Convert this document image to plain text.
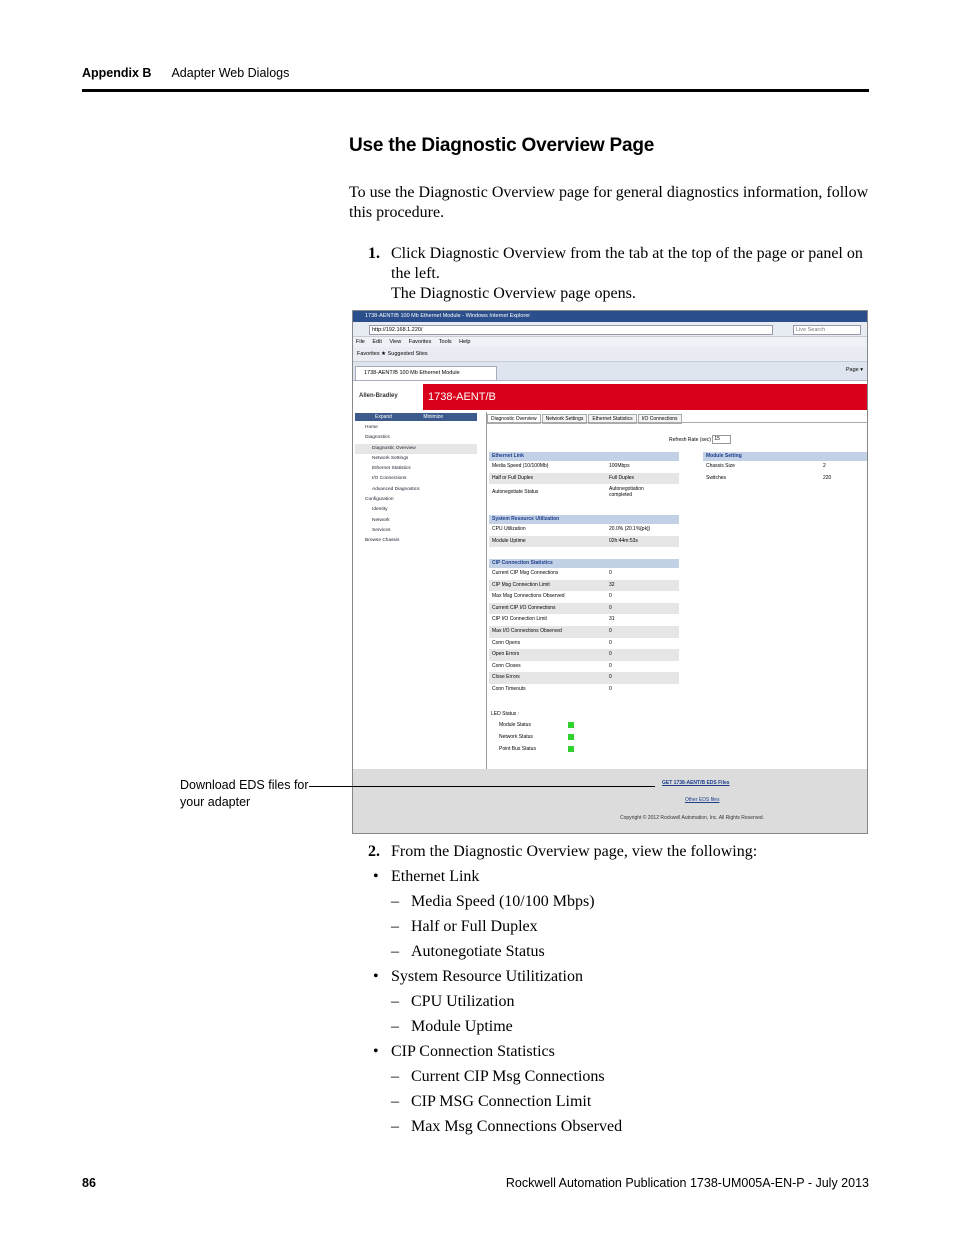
Appendix B Adapter Web Dialogs
Use the Diagnostic Overview Page

To use the Diagnostic Overview page for general diagnostics information, follow this procedure.

1. Click Diagnostic Overview from the tab at the top of the page or panel on the left.
The Diagnostic Overview page opens.
1738-AENT/B 100 Mb Ethernet Module - Windows Internet Explorer
http://192.168.1.220/	Live Search
File Edit View Favorites Tools Help
Favorites ★ Suggested Sites
1738-AENT/B 100 Mb Ethernet Module	Page ▾
Allen-Bradley	1738-AENT/B
Expand	Minimize
Home
Diagnostics
Diagnostic Overview
Network Settings
Ethernet Statistics
I/O Connections
Advanced Diagnostics
Configuration
Identity
Network
Services
Browse Chassis
Diagnostic Overview Network Settings Ethernet Statistics I/O Connections
Refresh Rate (sec) 15
Ethernet Link
Media Speed (10/100Mb)	100Mbps
Half or Full Duplex	Full Duplex
Autonegotiate Status	Autonegotiation completed
Module Setting
Chassis Size	2
Switches	220
System Resource Utilization
CPU Utilization	20.0% (20.1%[pk])
Module Uptime	02h:44m:53s
CIP Connection Statistics
Current CIP Msg Connections	0
CIP Msg Connection Limit	32
Max Msg Connections Observed	0
Current CIP I/O Connections	0
CIP I/O Connection Limit	31
Max I/O Connections Observed	0
Conn Opens	0
Open Errors	0
Conn Closes	0
Close Errors	0
Conn Timeouts	0
LED Status :
Module Status
Network Status
Point Bus Status
GET 1738-AENT/B EDS Files
Other EDS files
Copyright © 2012 Rockwell Automation, Inc. All Rights Reserved.
Download EDS files for your adapter
2. From the Diagnostic Overview page, view the following:
• Ethernet Link
– Media Speed (10/100 Mbps)
– Half or Full Duplex
– Autonegotiate Status
• System Resource Utilitization
– CPU Utilization
– Module Uptime
• CIP Connection Statistics
– Current CIP Msg Connections
– CIP MSG Connection Limit
– Max Msg Connections Observed
86	Rockwell Automation Publication 1738-UM005A-EN-P - July 2013
